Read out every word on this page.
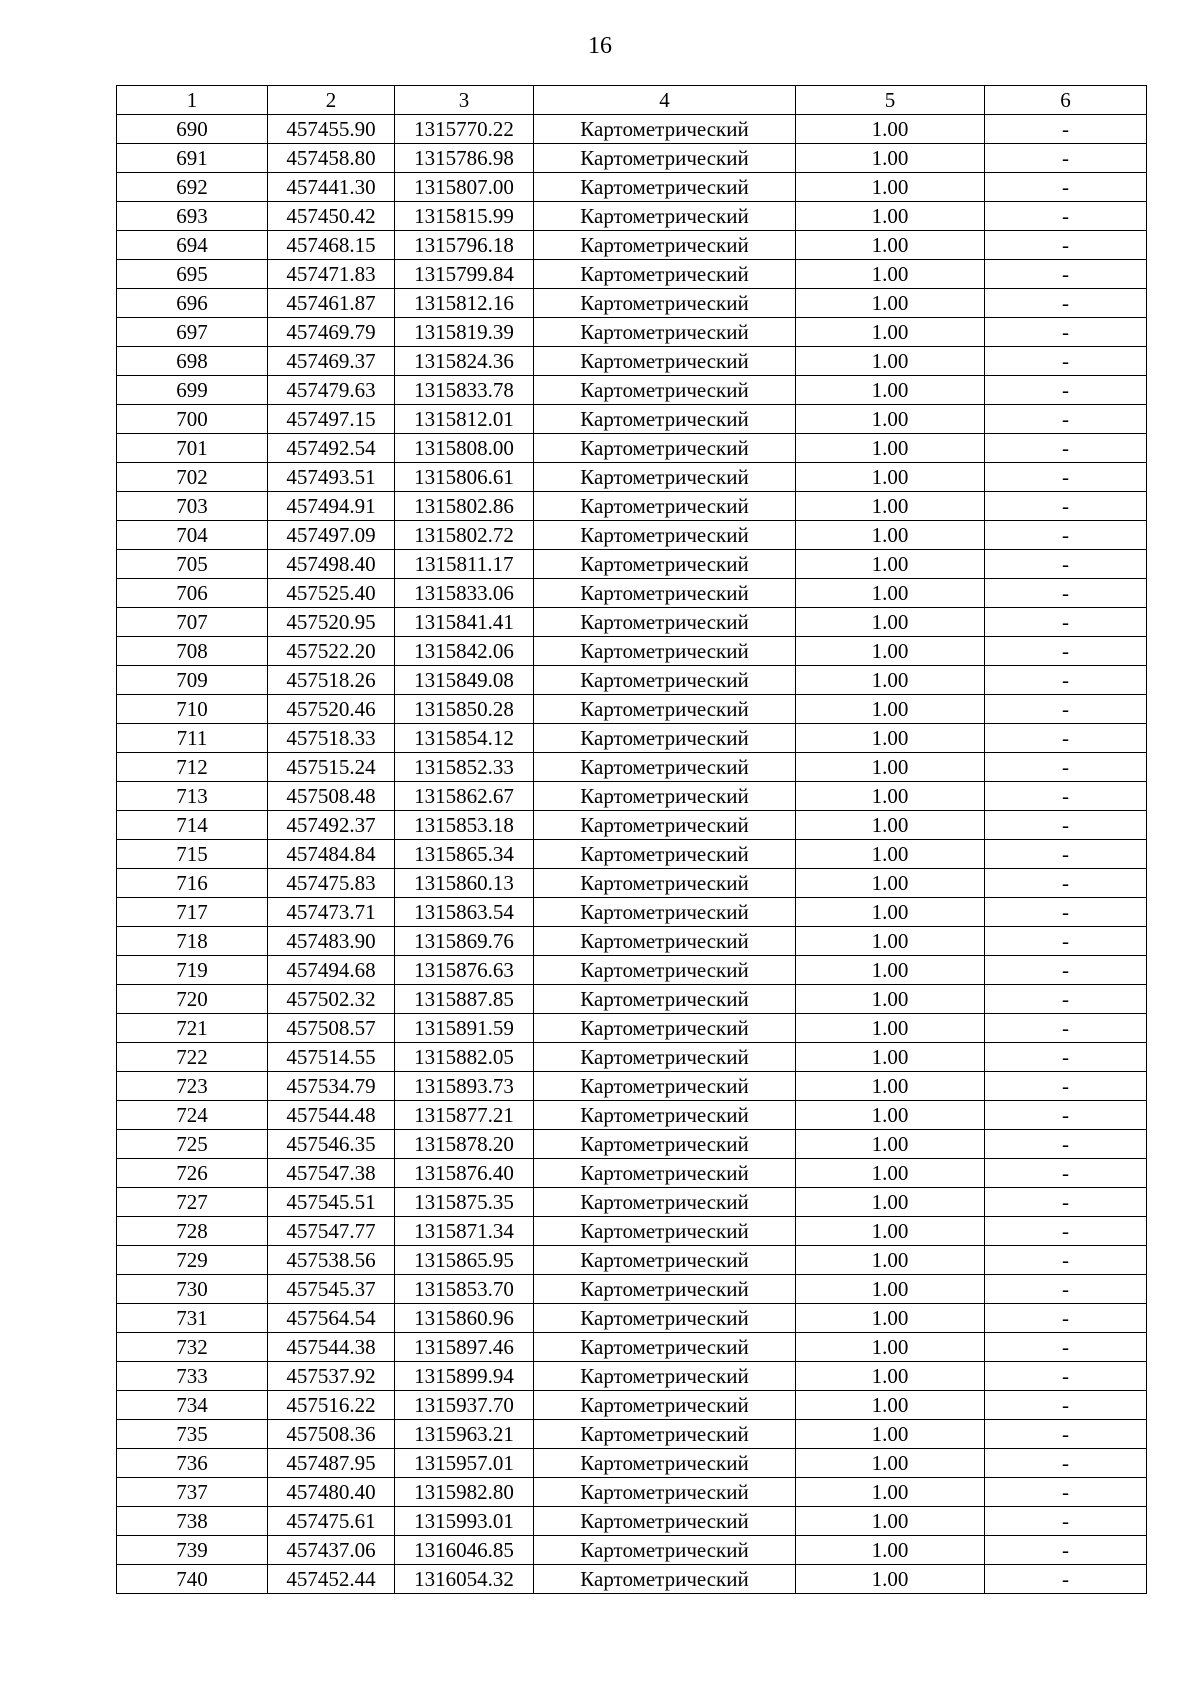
16
1	2	3	4	5	6
690	457455.90	1315770.22	Картометрический	1.00	-
691	457458.80	1315786.98	Картометрический	1.00	-
692	457441.30	1315807.00	Картометрический	1.00	-
693	457450.42	1315815.99	Картометрический	1.00	-
694	457468.15	1315796.18	Картометрический	1.00	-
695	457471.83	1315799.84	Картометрический	1.00	-
696	457461.87	1315812.16	Картометрический	1.00	-
697	457469.79	1315819.39	Картометрический	1.00	-
698	457469.37	1315824.36	Картометрический	1.00	-
699	457479.63	1315833.78	Картометрический	1.00	-
700	457497.15	1315812.01	Картометрический	1.00	-
701	457492.54	1315808.00	Картометрический	1.00	-
702	457493.51	1315806.61	Картометрический	1.00	-
703	457494.91	1315802.86	Картометрический	1.00	-
704	457497.09	1315802.72	Картометрический	1.00	-
705	457498.40	1315811.17	Картометрический	1.00	-
706	457525.40	1315833.06	Картометрический	1.00	-
707	457520.95	1315841.41	Картометрический	1.00	-
708	457522.20	1315842.06	Картометрический	1.00	-
709	457518.26	1315849.08	Картометрический	1.00	-
710	457520.46	1315850.28	Картометрический	1.00	-
711	457518.33	1315854.12	Картометрический	1.00	-
712	457515.24	1315852.33	Картометрический	1.00	-
713	457508.48	1315862.67	Картометрический	1.00	-
714	457492.37	1315853.18	Картометрический	1.00	-
715	457484.84	1315865.34	Картометрический	1.00	-
716	457475.83	1315860.13	Картометрический	1.00	-
717	457473.71	1315863.54	Картометрический	1.00	-
718	457483.90	1315869.76	Картометрический	1.00	-
719	457494.68	1315876.63	Картометрический	1.00	-
720	457502.32	1315887.85	Картометрический	1.00	-
721	457508.57	1315891.59	Картометрический	1.00	-
722	457514.55	1315882.05	Картометрический	1.00	-
723	457534.79	1315893.73	Картометрический	1.00	-
724	457544.48	1315877.21	Картометрический	1.00	-
725	457546.35	1315878.20	Картометрический	1.00	-
726	457547.38	1315876.40	Картометрический	1.00	-
727	457545.51	1315875.35	Картометрический	1.00	-
728	457547.77	1315871.34	Картометрический	1.00	-
729	457538.56	1315865.95	Картометрический	1.00	-
730	457545.37	1315853.70	Картометрический	1.00	-
731	457564.54	1315860.96	Картометрический	1.00	-
732	457544.38	1315897.46	Картометрический	1.00	-
733	457537.92	1315899.94	Картометрический	1.00	-
734	457516.22	1315937.70	Картометрический	1.00	-
735	457508.36	1315963.21	Картометрический	1.00	-
736	457487.95	1315957.01	Картометрический	1.00	-
737	457480.40	1315982.80	Картометрический	1.00	-
738	457475.61	1315993.01	Картометрический	1.00	-
739	457437.06	1316046.85	Картометрический	1.00	-
740	457452.44	1316054.32	Картометрический	1.00	-
